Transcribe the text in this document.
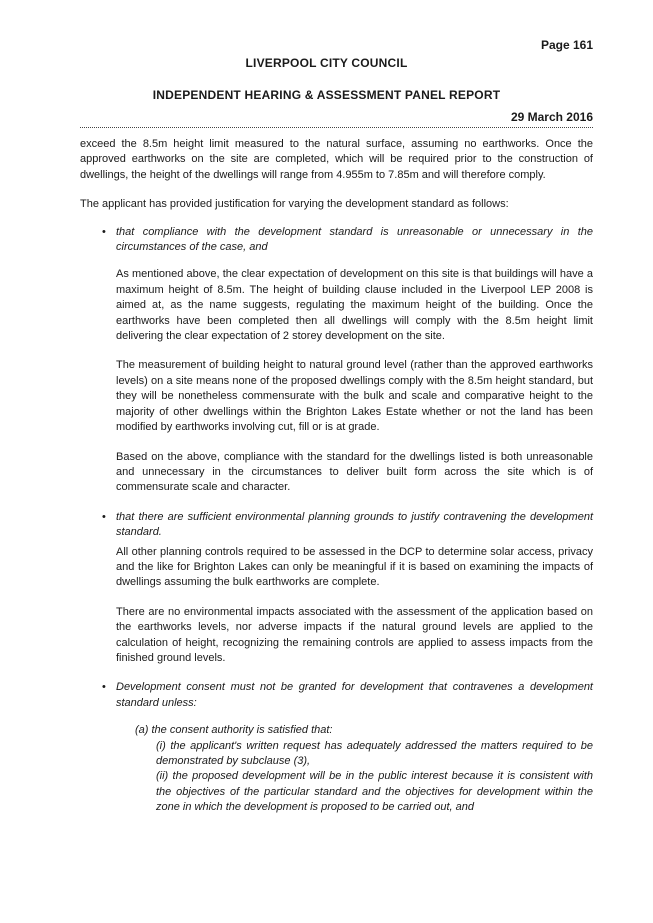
Page 161
LIVERPOOL CITY COUNCIL
INDEPENDENT HEARING & ASSESSMENT PANEL REPORT
29 March 2016

exceed the 8.5m height limit measured to the natural surface, assuming no earthworks. Once the approved earthworks on the site are completed, which will be required prior to the construction of dwellings, the height of the dwellings will range from 4.955m to 7.85m and will therefore comply.

The applicant has provided justification for varying the development standard as follows:

• that compliance with the development standard is unreasonable or unnecessary in the circumstances of the case, and

As mentioned above, the clear expectation of development on this site is that buildings will have a maximum height of 8.5m. The height of building clause included in the Liverpool LEP 2008 is aimed at, as the name suggests, regulating the maximum height of the building. Once the earthworks have been completed then all dwellings will comply with the 8.5m height limit delivering the clear expectation of 2 storey development on the site.

The measurement of building height to natural ground level (rather than the approved earthworks levels) on a site means none of the proposed dwellings comply with the 8.5m height standard, but they will be nonetheless commensurate with the bulk and scale and comparative height to the majority of other dwellings within the Brighton Lakes Estate whether or not the land has been modified by earthworks involving cut, fill or is at grade.

Based on the above, compliance with the standard for the dwellings listed is both unreasonable and unnecessary in the circumstances to deliver built form across the site which is of commensurate scale and character.

• that there are sufficient environmental planning grounds to justify contravening the development standard.

All other planning controls required to be assessed in the DCP to determine solar access, privacy and the like for Brighton Lakes can only be meaningful if it is based on examining the impacts of dwellings assuming the bulk earthworks are complete.

There are no environmental impacts associated with the assessment of the application based on the earthworks levels, nor adverse impacts if the natural ground levels are applied to the calculation of height, recognizing the remaining controls are applied to assess impacts from the finished ground levels.

• Development consent must not be granted for development that contravenes a development standard unless:

(a) the consent authority is satisfied that:

(i) the applicant's written request has adequately addressed the matters required to be demonstrated by subclause (3),

(ii) the proposed development will be in the public interest because it is consistent with the objectives of the particular standard and the objectives for development within the zone in which the development is proposed to be carried out, and
